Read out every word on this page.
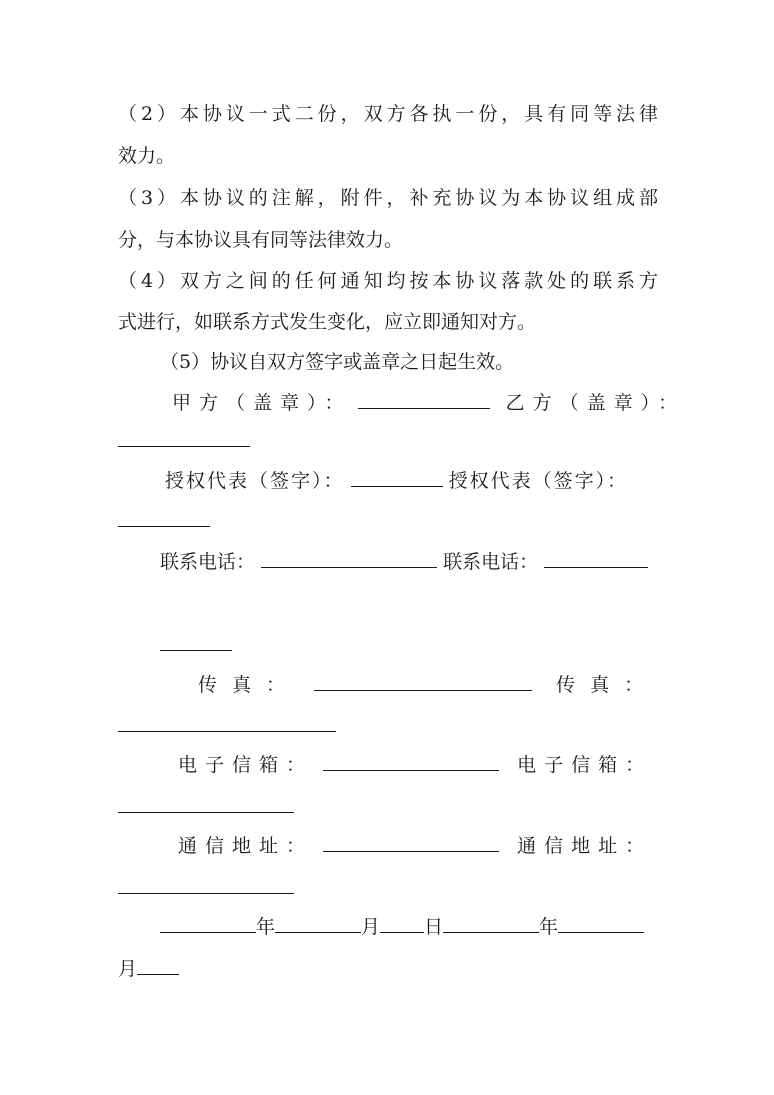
（2）本协议一式二份，双方各执一份，具有同等法律
效力。
（3）本协议的注解，附件，补充协议为本协议组成部
分，与本协议具有同等法律效力。
（4）双方之间的任何通知均按本协议落款处的联系方
式进行，如联系方式发生变化，应立即通知对方。
（5）协议自双方签字或盖章之日起生效。
甲方（盖章）：	乙方（盖章）：
授权代表（签字）：	授权代表（签字）：
联系电话：	联系电话：
传真：	传真：
电子信箱：	电子信箱：
通信地址：	通信地址：
年	月 日	年
月
